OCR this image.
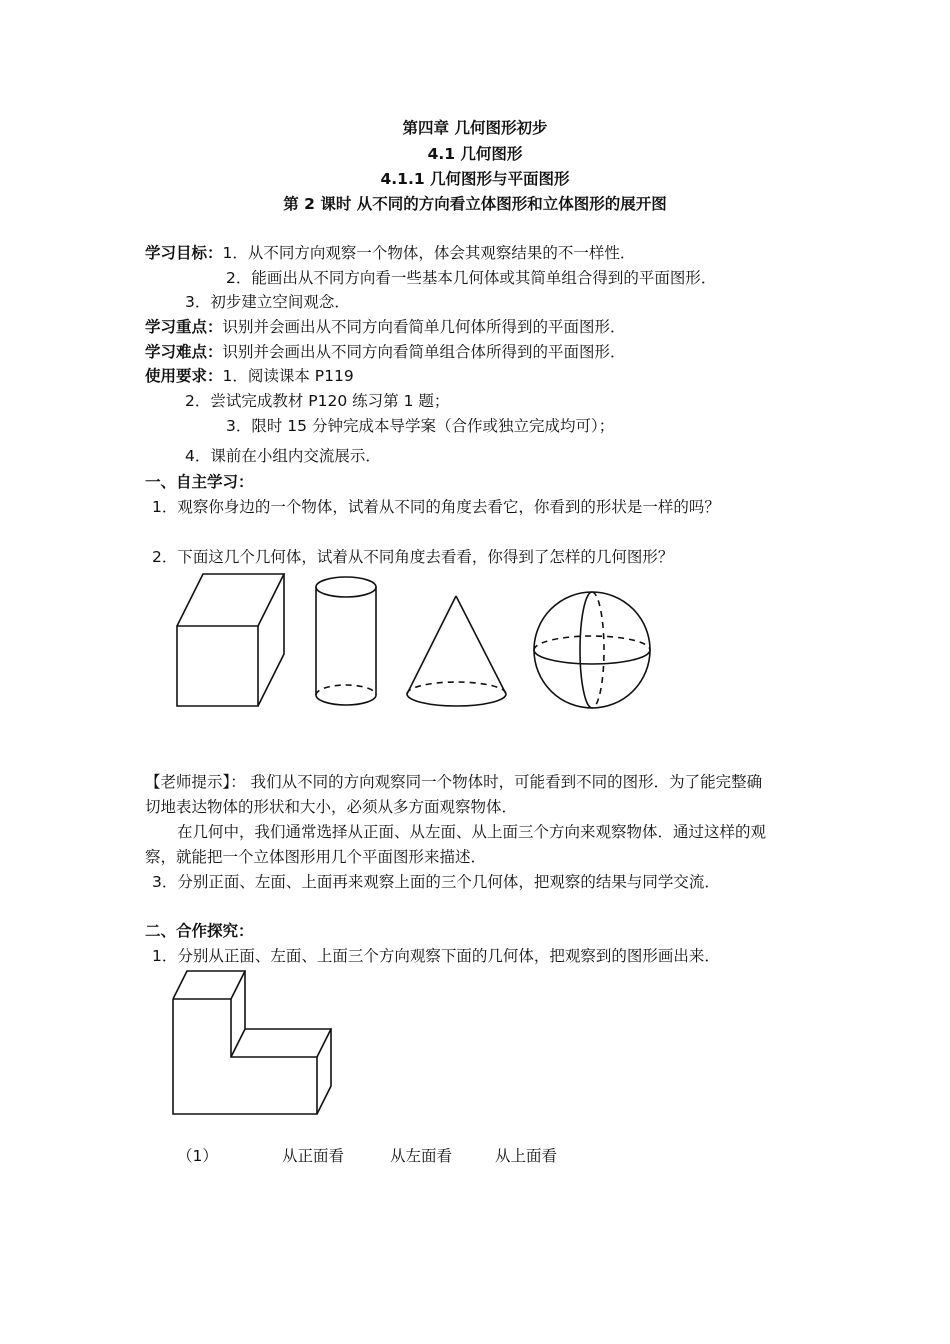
第四章 几何图形初步
4.1 几何图形
4.1.1 几何图形与平面图形
第 2 课时 从不同的方向看立体图形和立体图形的展开图
学习目标：1．从不同方向观察一个物体，体会其观察结果的不一样性．
2．能画出从不同方向看一些基本几何体或其简单组合得到的平面图形．
3．初步建立空间观念．
学习重点：识别并会画出从不同方向看简单几何体所得到的平面图形．
学习难点：识别并会画出从不同方向看简单组合体所得到的平面图形．
使用要求：1．阅读课本 P119
2．尝试完成教材 P120 练习第 1 题；
3．限时 15 分钟完成本导学案（合作或独立完成均可）；
4．课前在小组内交流展示．
一、自主学习：
1．观察你身边的一个物体，试着从不同的角度去看它，你看到的形状是一样的吗？
2．下面这几个几何体，试着从不同角度去看看，你得到了怎样的几何图形？
【老师提示】： 我们从不同的方向观察同一个物体时，可能看到不同的图形．为了能完整确
切地表达物体的形状和大小，必须从多方面观察物体．
在几何中，我们通常选择从正面、从左面、从上面三个方向来观察物体．通过这样的观
察，就能把一个立体图形用几个平面图形来描述．
3．分别正面、左面、上面再来观察上面的三个几何体，把观察的结果与同学交流．
二、合作探究：
1．分别从正面、左面、上面三个方向观察下面的几何体，把观察到的图形画出来．
（1）	从正面看	从左面看	从上面看
